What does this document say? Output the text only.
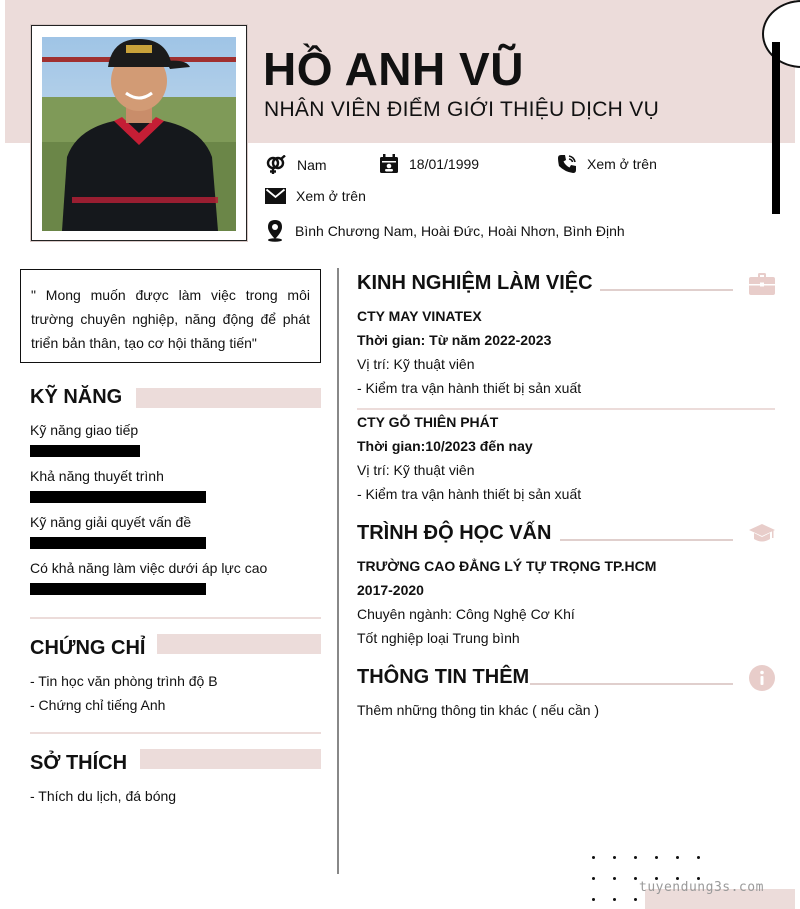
HỒ ANH VŨ
NHÂN VIÊN ĐIỂM GIỚI THIỆU DỊCH VỤ
Nam	18/01/1999	Xem ở trên
Xem ở trên
Bình Chương Nam, Hoài Đức, Hoài Nhơn, Bình Định
" Mong muốn được làm việc trong môi trường chuyên nghiệp, năng động để phát triển bản thân, tạo cơ hội thăng tiến"
KỸ NĂNG
Kỹ năng giao tiếp
Khả năng thuyết trình
Kỹ năng giải quyết vấn đề
Có khả năng làm việc dưới áp lực cao
CHỨNG CHỈ
- Tin học văn phòng trình độ B
- Chứng chỉ tiếng Anh
SỞ THÍCH
- Thích du lịch, đá bóng
KINH NGHIỆM LÀM VIỆC
CTY MAY VINATEX
Thời gian: Từ năm 2022-2023
Vị trí: Kỹ thuật viên
- Kiểm tra vận hành thiết bị sản xuất
CTY GỖ THIÊN PHÁT
Thời gian:10/2023 đến nay
Vị trí: Kỹ thuật viên
- Kiểm tra vận hành thiết bị sản xuất
TRÌNH ĐỘ HỌC VẤN
TRƯỜNG CAO ĐẲNG LÝ TỰ TRỌNG TP.HCM
2017-2020
Chuyên ngành: Công Nghệ Cơ Khí
Tốt nghiệp loại Trung bình
THÔNG TIN THÊM
Thêm những thông tin khác ( nếu cần )
tuyendung3s.com
